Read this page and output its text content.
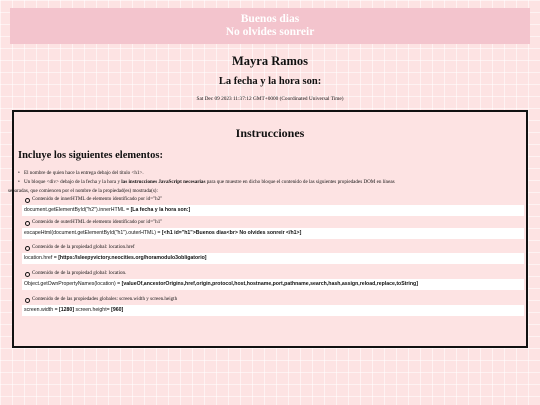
Buenos dias
No olvides sonreir
Mayra Ramos
La fecha y la hora son:
Sat Dec 09 2023 11:37:12 GMT+0000 (Coordinated Universal Time)
Instrucciones
Incluye los siguientes elementos:
• El nombre de quien hace la entrega debajo del título <h1>.
• Un bloque <div> debajo de la fecha y la hora y las instrucciones JavaScript necesarias para que muestre en dicho bloque el contenido de las siguientes propiedades DOM en líneas
separadas, que comiencen por el nombre de la propiedad(es) mostrada(s):
Contenido de innerHTML de elemento identificado por id="h2"
document.getElementById("h2").innerHTML = [La fecha y la hora son:]
Contenido de outerHTML de elemento identificado por id="h1"
escapeHtml(document.getElementById("h1").outerHTML) = [<h1 id="h1">Buenos dias<br> No olvides sonreir </h1>]
Contenido de de la propiedad global: location.href
location.href = [https://sleepyvictory.neocities.org/horamodulo3obligatorio]
Contenido de de la propiedad global: location.
Object.getOwnPropertyNames(location) = [valueOf,ancestorOrigins,href,origin,protocol,host,hostname,port,pathname,search,hash,assign,reload,replace,toString]
Contenido de de las propiedades globales: screen.width y screen.heigth
screen.width = [1280] screen.height= [960]
